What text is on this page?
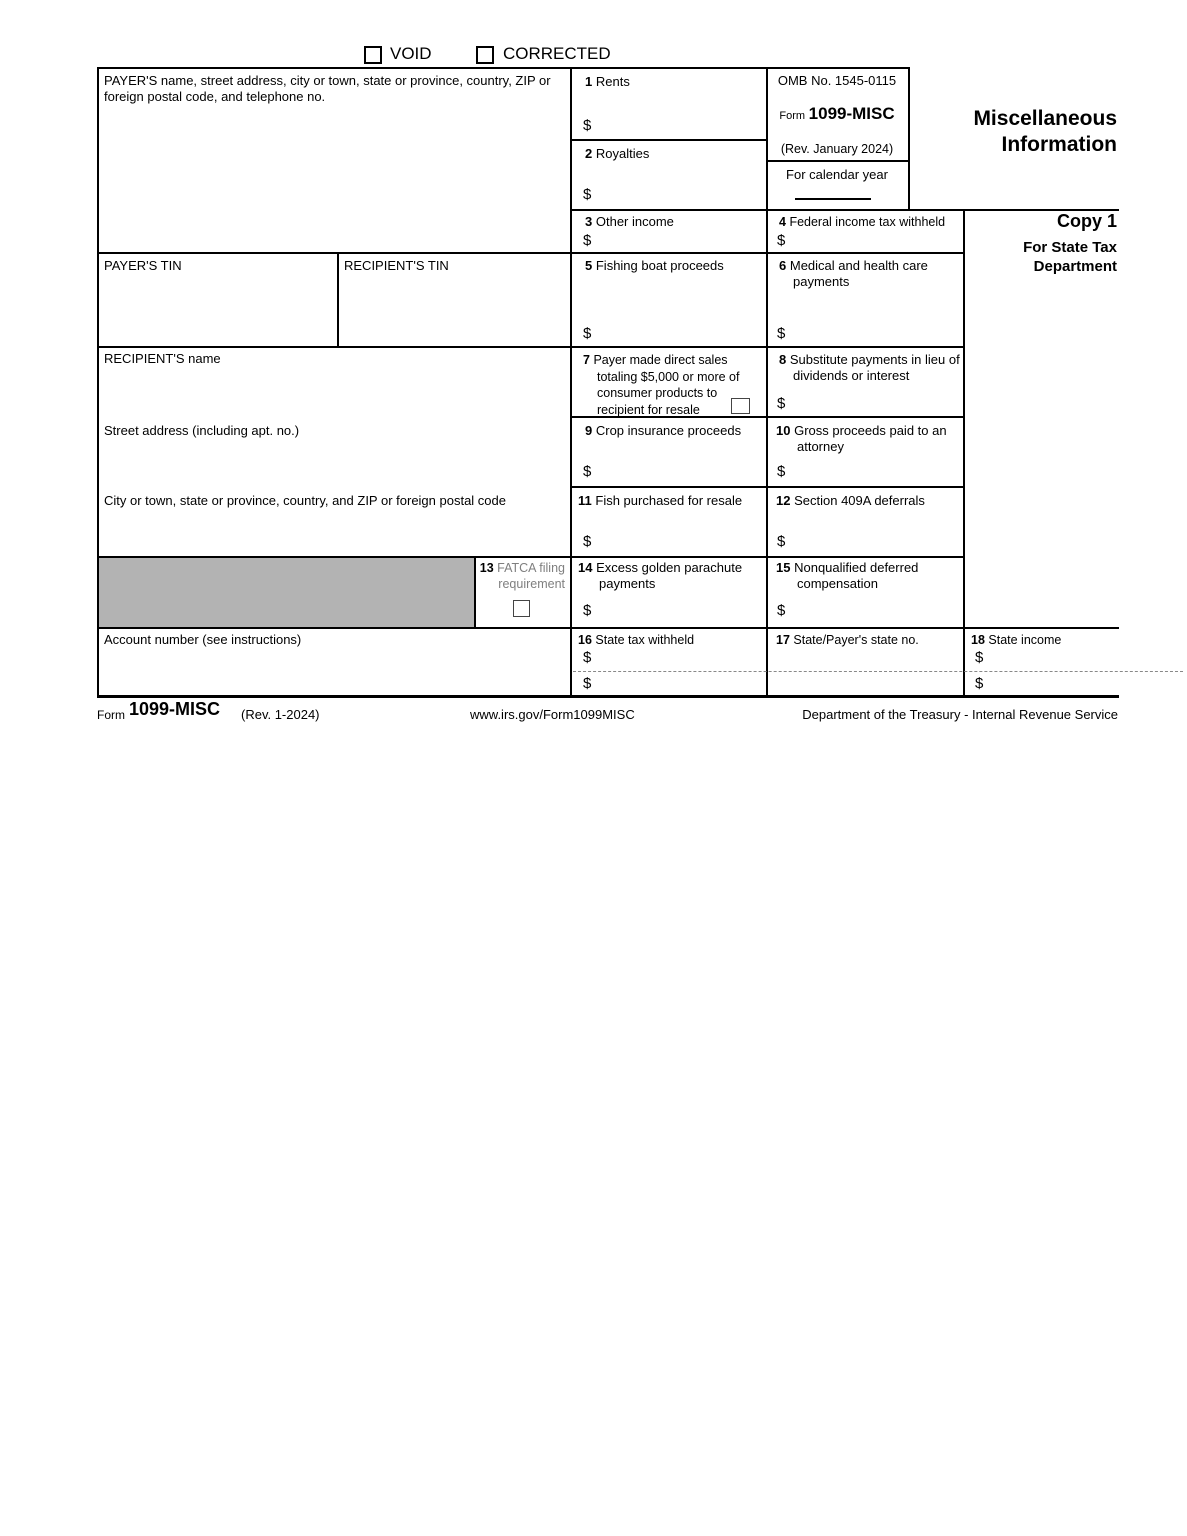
VOID	CORRECTED
PAYER'S name, street address, city or town, state or province, country, ZIP or foreign postal code, and telephone no.
1 Rents
$
2 Royalties
$
OMB No. 1545-0115
Form 1099-MISC
(Rev. January 2024)
For calendar year
Miscellaneous
Information
3 Other income
$
4 Federal income tax withheld
$
Copy 1
For State Tax
Department
PAYER'S TIN	RECIPIENT'S TIN	5 Fishing boat proceeds
$
6 Medical and health care payments
$
RECIPIENT'S name	7 Payer made direct sales totaling $5,000 or more of consumer products to recipient for resale
8 Substitute payments in lieu of dividends or interest
$
Street address (including apt. no.)	9 Crop insurance proceeds
$
10 Gross proceeds paid to an attorney
$
City or town, state or province, country, and ZIP or foreign postal code	11 Fish purchased for resale
$
12 Section 409A deferrals
$
13 FATCA filing requirement
14 Excess golden parachute payments
$
15 Nonqualified deferred compensation
$
Account number (see instructions)	16 State tax withheld
$
$
17 State/Payer's state no.	18 State income
$
$
Form 1099-MISC (Rev. 1-2024)	www.irs.gov/Form1099MISC	Department of the Treasury - Internal Revenue Service
